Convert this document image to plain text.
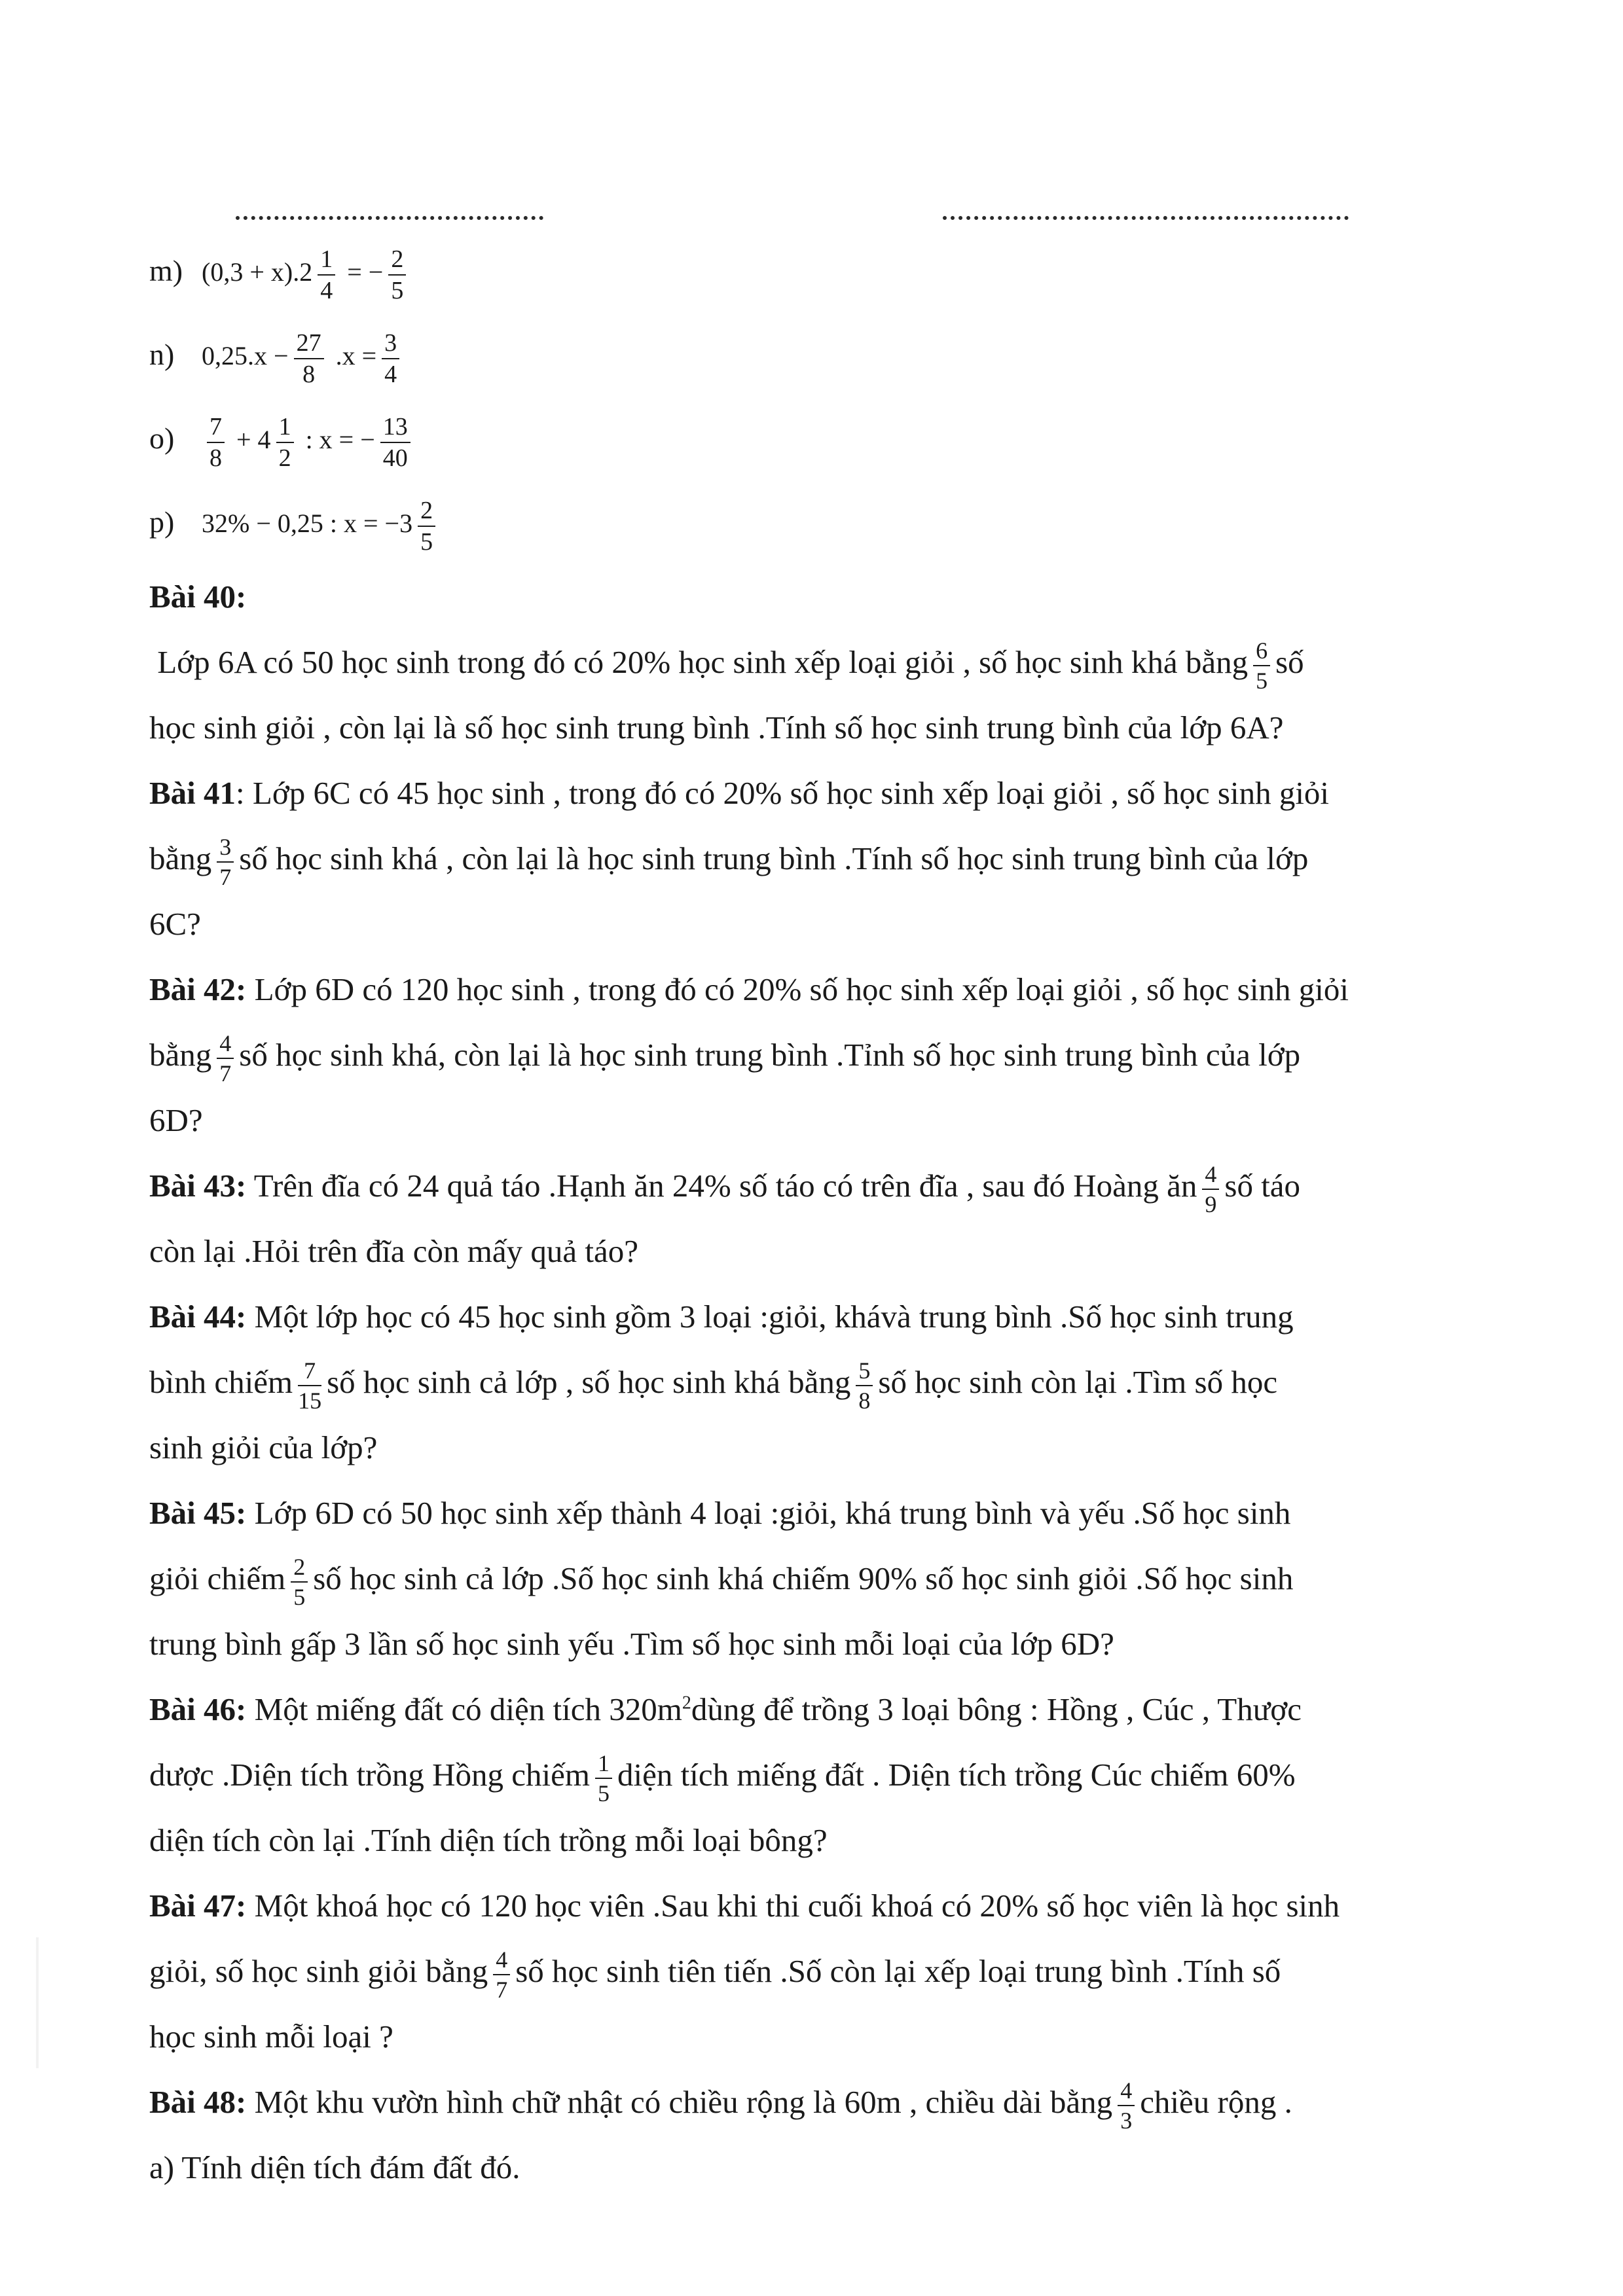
m) $(0,3 + x).2 \frac{1}{4}$ = − $\frac{2}{5}$
n) $0,25.x - \frac{27}{8} .x = \frac{3}{4}$
$o) \frac{7}{8} + 4 \frac{1}{2}$ : x = − $\frac{13}{40}$
p) 32% − 0,25 : $x = -3 \frac{2}{5}$
Bài 40:
Lớp 6A có 50 học sinh trong đó có 20% học sinh xếp loại giỏi , số học sinh khá bằng $\frac{6}{5}$ số
học sinh giỏi , còn lại là số học sinh trung bình .Tính số học sinh trung bình của lớp 6A?
Bài 41: Lớp 6C có 45 học sinh , trong đó có 20% số học sinh xếp loại giỏi , số học sinh giỏi
bằng $\frac{3}{7}$ số học sinh khá , còn lại là học sinh trung bình .Tính số học sinh trung bình của lớp
6C?
Bài 42: Lớp 6D có 120 học sinh , trong đó có 20% số học sinh xếp loại giỏi , số học sinh giỏi
bằng $\frac{4}{7}$ số học sinh khá, còn lại là học sinh trung bình .Tỉnh số học sinh trung bình của lớp
6D?
Bài 43: Trên đĩa có 24 quả táo .Hạnh ăn 24% số táo có trên đĩa , sau đó Hoàng ăn $\frac{4}{9}$ số táo
còn lại .Hỏi trên đĩa còn mấy quả táo?
Bài 44: Một lớp học có 45 học sinh gồm 3 loại :giỏi, khávà trung bình .Số học sinh trung
bình chiếm $\frac{7}{15}$ số học sinh cả lớp , số học sinh khá bằng $\frac{5}{8}$ số học sinh còn lại .Tìm số học
sinh giỏi của lớp?
Bài 45: Lớp 6D có 50 học sinh xếp thành 4 loại :giỏi, khá trung bình và yếu .Số học sinh
giỏi chiếm $\frac{2}{5}$ số học sinh cả lớp .Số học sinh khá chiếm 90% số học sinh giỏi .Số học sinh
trung bình gấp 3 lần số học sinh yếu .Tìm số học sinh mỗi loại của lớp 6D?
Bài 46: Một miếng đất có diện tích $320m^2dùng$ để trồng 3 loại bông : Hồng , Cúc , Thược
dược .Diện tích trồng Hồng chiếm $\frac{1}{5}$ diện tích miếng đất . Diện tích trồng Cúc chiếm 60%
diện tích còn lại .Tính diện tích trồng mỗi loại bông?
Bài 47: Một khoá học có 120 học viên .Sau khi thi cuối khoá có 20% số học viên là học sinh
giỏi, số học sinh giỏi bằng $\frac{4}{7}$ số học sinh tiên tiến .Số còn lại xếp loại trung bình .Tính số
học sinh mỗi loại ?
Bài 48: Một khu vườn hình chữ nhật có chiều rộng là 60m , chiều dài bằng $\frac{4}{3}$ chiều rộng .
a) Tính diện tích đám đất đó.
